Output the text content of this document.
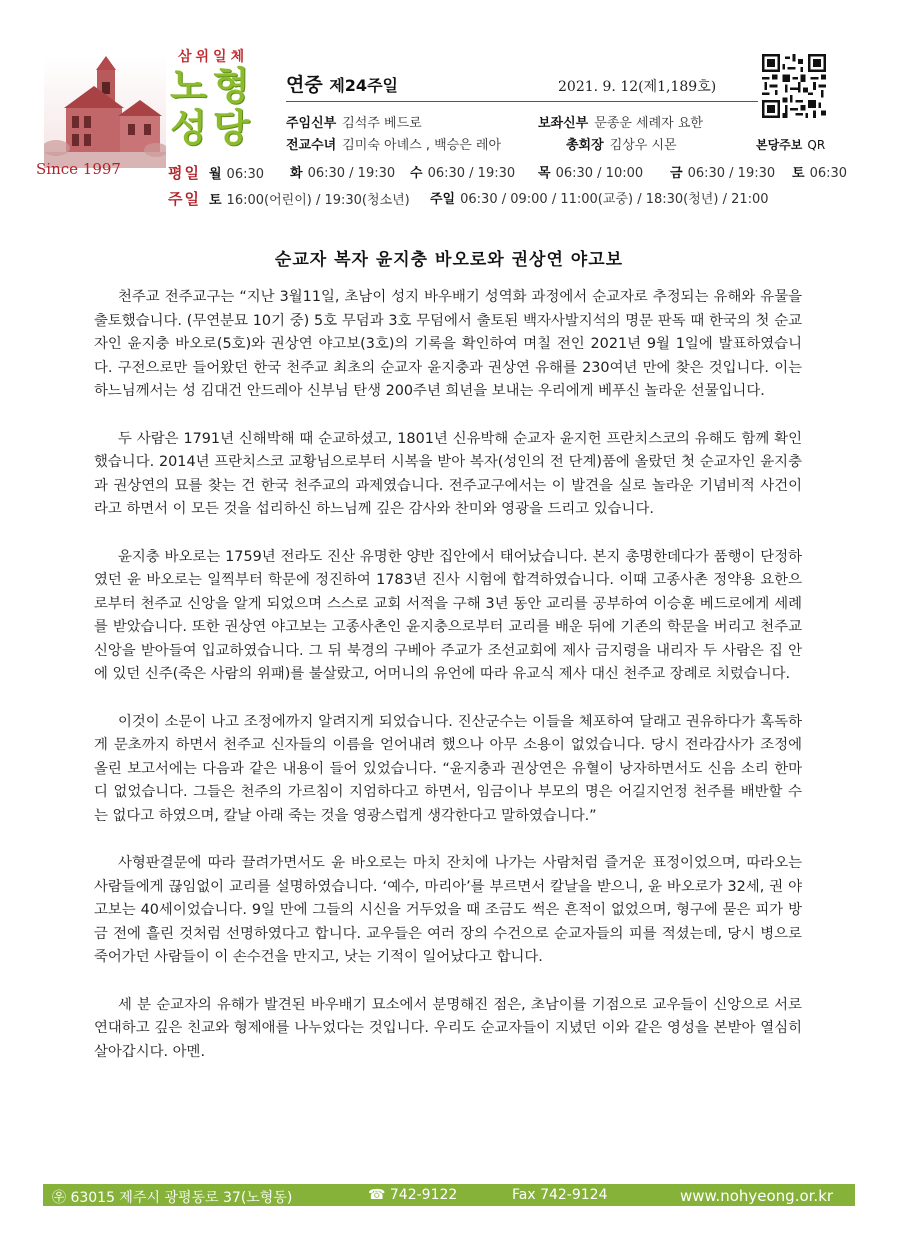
Since 1997
삼위일체
노형
성당
연중 제24주일	2021. 9. 12(제1,189호)
주임신부 김석주 베드로	보좌신부 문종운 세례자 요한
전교수녀 김미숙 아녜스 , 백승은 레아	총회장 김상우 시몬	본당주보 QR
평일 월 06:30 화 06:30 / 19:30 수 06:30 / 19:30 목 06:30 / 10:00 금 06:30 / 19:30 토 06:30
주일 토 16:00(어린이) / 19:30(청소년) 주일 06:30 / 09:00 / 11:00(교중) / 18:30(청년) / 21:00
순교자 복자 윤지충 바오로와 권상연 야고보

천주교 전주교구는 “지난 3월11일, 초남이 성지 바우배기 성역화 과정에서 순교자로 추정되는 유해와 유물을 출토했습니다. (무연분묘 10기 중) 5호 무덤과 3호 무덤에서 출토된 백자사발지석의 명문 판독 때 한국의 첫 순교자인 윤지충 바오로(5호)와 권상연 야고보(3호)의 기록을 확인하여 며칠 전인 2021년 9월 1일에 발표하였습니다. 구전으로만 들어왔던 한국 천주교 최초의 순교자 윤지충과 권상연 유해를 230여년 만에 찾은 것입니다. 이는 하느님께서는 성 김대건 안드레아 신부님 탄생 200주년 희년을 보내는 우리에게 베푸신 놀라운 선물입니다.

두 사람은 1791년 신해박해 때 순교하셨고, 1801년 신유박해 순교자 윤지헌 프란치스코의 유해도 함께 확인했습니다. 2014년 프란치스코 교황님으로부터 시복을 받아 복자(성인의 전 단계)품에 올랐던 첫 순교자인 윤지충과 권상연의 묘를 찾는 건 한국 천주교의 과제였습니다. 전주교구에서는 이 발견을 실로 놀라운 기념비적 사건이라고 하면서 이 모든 것을 섭리하신 하느님께 깊은 감사와 찬미와 영광을 드리고 있습니다.

윤지충 바오로는 1759년 전라도 진산 유명한 양반 집안에서 태어났습니다. 본지 총명한데다가 품행이 단정하였던 윤 바오로는 일찍부터 학문에 정진하여 1783년 진사 시험에 합격하였습니다. 이때 고종사촌 정약용 요한으로부터 천주교 신앙을 알게 되었으며 스스로 교회 서적을 구해 3년 동안 교리를 공부하여 이승훈 베드로에게 세례를 받았습니다. 또한 권상연 야고보는 고종사촌인 윤지충으로부터 교리를 배운 뒤에 기존의 학문을 버리고 천주교 신앙을 받아들여 입교하였습니다. 그 뒤 북경의 구베아 주교가 조선교회에 제사 금지령을 내리자 두 사람은 집 안에 있던 신주(죽은 사람의 위패)를 불살랐고, 어머니의 유언에 따라 유교식 제사 대신 천주교 장례로 치렀습니다.

이것이 소문이 나고 조정에까지 알려지게 되었습니다. 진산군수는 이들을 체포하여 달래고 권유하다가 혹독하게 문초까지 하면서 천주교 신자들의 이름을 얻어내려 했으나 아무 소용이 없었습니다. 당시 전라감사가 조정에 올린 보고서에는 다음과 같은 내용이 들어 있었습니다. “윤지충과 권상연은 유혈이 낭자하면서도 신음 소리 한마디 없었습니다. 그들은 천주의 가르침이 지엄하다고 하면서, 임금이나 부모의 명은 어길지언정 천주를 배반할 수는 없다고 하였으며, 칼날 아래 죽는 것을 영광스럽게 생각한다고 말하였습니다.”

사형판결문에 따라 끌려가면서도 윤 바오로는 마치 잔치에 나가는 사람처럼 즐거운 표정이었으며, 따라오는 사람들에게 끊임없이 교리를 설명하였습니다. ‘예수, 마리아’를 부르면서 칼날을 받으니, 윤 바오로가 32세, 권 야고보는 40세이었습니다. 9일 만에 그들의 시신을 거두었을 때 조금도 썩은 흔적이 없었으며, 형구에 묻은 피가 방금 전에 흘린 것처럼 선명하였다고 합니다. 교우들은 여러 장의 수건으로 순교자들의 피를 적셨는데, 당시 병으로 죽어가던 사람들이 이 손수건을 만지고, 낫는 기적이 일어났다고 합니다.

세 분 순교자의 유해가 발견된 바우배기 묘소에서 분명해진 점은, 초남이를 기점으로 교우들이 신앙으로 서로 연대하고 깊은 친교와 형제애를 나누었다는 것입니다. 우리도 순교자들이 지녔던 이와 같은 영성을 본받아 열심히 살아갑시다. 아멘.

㉾ 63015 제주시 광평동로 37(노형동)	☎ 742-9122	Fax 742-9124	www.nohyeong.or.kr
